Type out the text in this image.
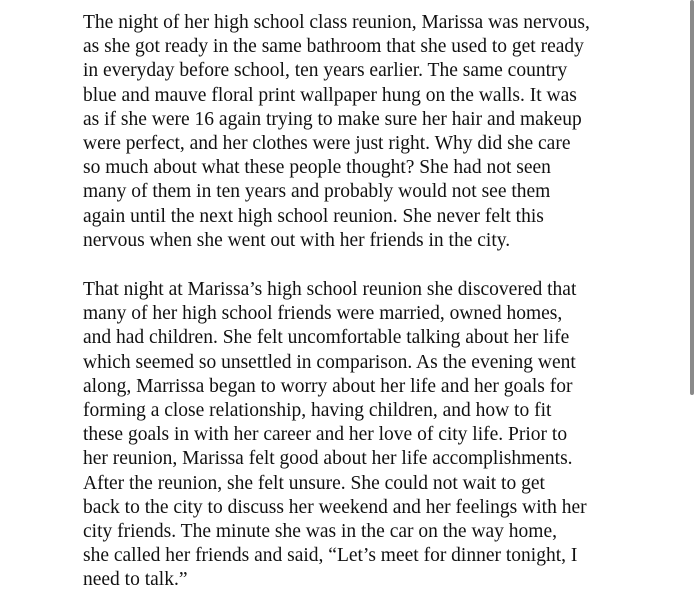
The night of her high school class reunion, Marissa was nervous,
as she got ready in the same bathroom that she used to get ready
in everyday before school, ten years earlier. The same country
blue and mauve floral print wallpaper hung on the walls. It was
as if she were 16 again trying to make sure her hair and makeup
were perfect, and her clothes were just right. Why did she care
so much about what these people thought? She had not seen
many of them in ten years and probably would not see them
again until the next high school reunion. She never felt this
nervous when she went out with her friends in the city.

That night at Marissa’s high school reunion she discovered that
many of her high school friends were married, owned homes,
and had children. She felt uncomfortable talking about her life
which seemed so unsettled in comparison. As the evening went
along, Marrissa began to worry about her life and her goals for
forming a close relationship, having children, and how to fit
these goals in with her career and her love of city life. Prior to
her reunion, Marissa felt good about her life accomplishments.
After the reunion, she felt unsure. She could not wait to get
back to the city to discuss her weekend and her feelings with her
city friends. The minute she was in the car on the way home,
she called her friends and said, “Let’s meet for dinner tonight, I
need to talk.”
